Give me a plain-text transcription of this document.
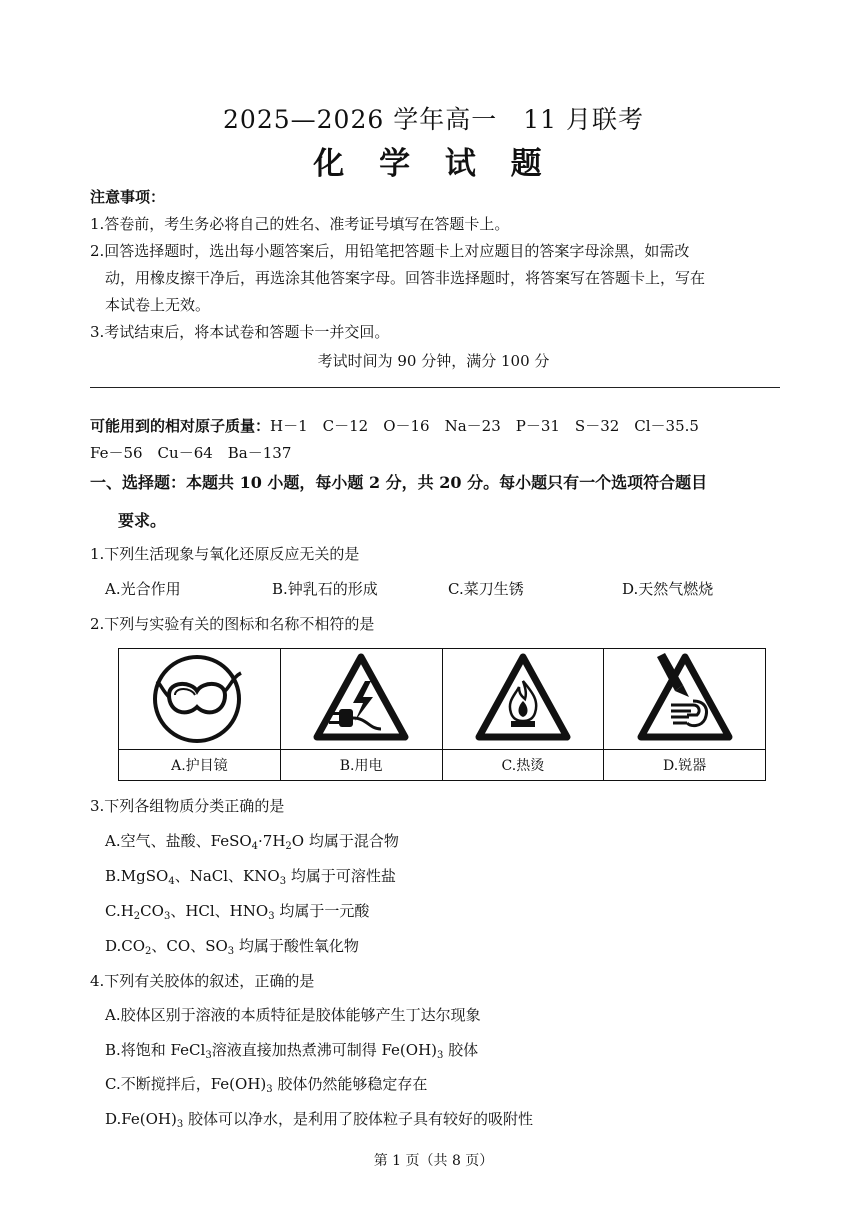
2025—2026 学年高一　11 月联考
化 学 试 题
注意事项：
1.答卷前，考生务必将自己的姓名、准考证号填写在答题卡上。
2.回答选择题时，选出每小题答案后，用铅笔把答题卡上对应题目的答案字母涂黑，如需改
动，用橡皮擦干净后，再选涂其他答案字母。回答非选择题时，将答案写在答题卡上，写在
本试卷上无效。
3.考试结束后，将本试卷和答题卡一并交回。
考试时间为 90 分钟，满分 100 分
可能用到的相对原子质量：H－1　C－12　O－16　Na－23　P－31　S－32　Cl－35.5
Fe－56　Cu－64　Ba－137
一、选择题：本题共 10 小题，每小题 2 分，共 20 分。每小题只有一个选项符合题目
要求。
1.下列生活现象与氧化还原反应无关的是
A.光合作用	B.钟乳石的形成	C.菜刀生锈	D.天然气燃烧
2.下列与实验有关的图标和名称不相符的是

A.护目镜	B.用电	C.热烫	D.锐器
3.下列各组物质分类正确的是
A.空气、盐酸、$FeSO_4\cdot 7H_2O$ 均属于混合物
B.MgSO$_4$、NaCl、$KNO_3$ 均属于可溶性盐
$C.H_2CO_3$、HCl、$HNO_3$ 均属于一元酸
$D.CO_2$、CO、$SO_3$ 均属于酸性氧化物
4.下列有关胶体的叙述，正确的是
A.胶体区别于溶液的本质特征是胶体能够产生丁达尔现象
B.将饱和 FeCl$_3$溶液直接加热煮沸可制得 $Fe(OH)_3$ 胶体
C.不断搅拌后，$Fe(OH)_3$ 胶体仍然能够稳定存在
$D.Fe(OH)_3$ 胶体可以净水，是利用了胶体粒子具有较好的吸附性
第 1 页（共 8 页）
